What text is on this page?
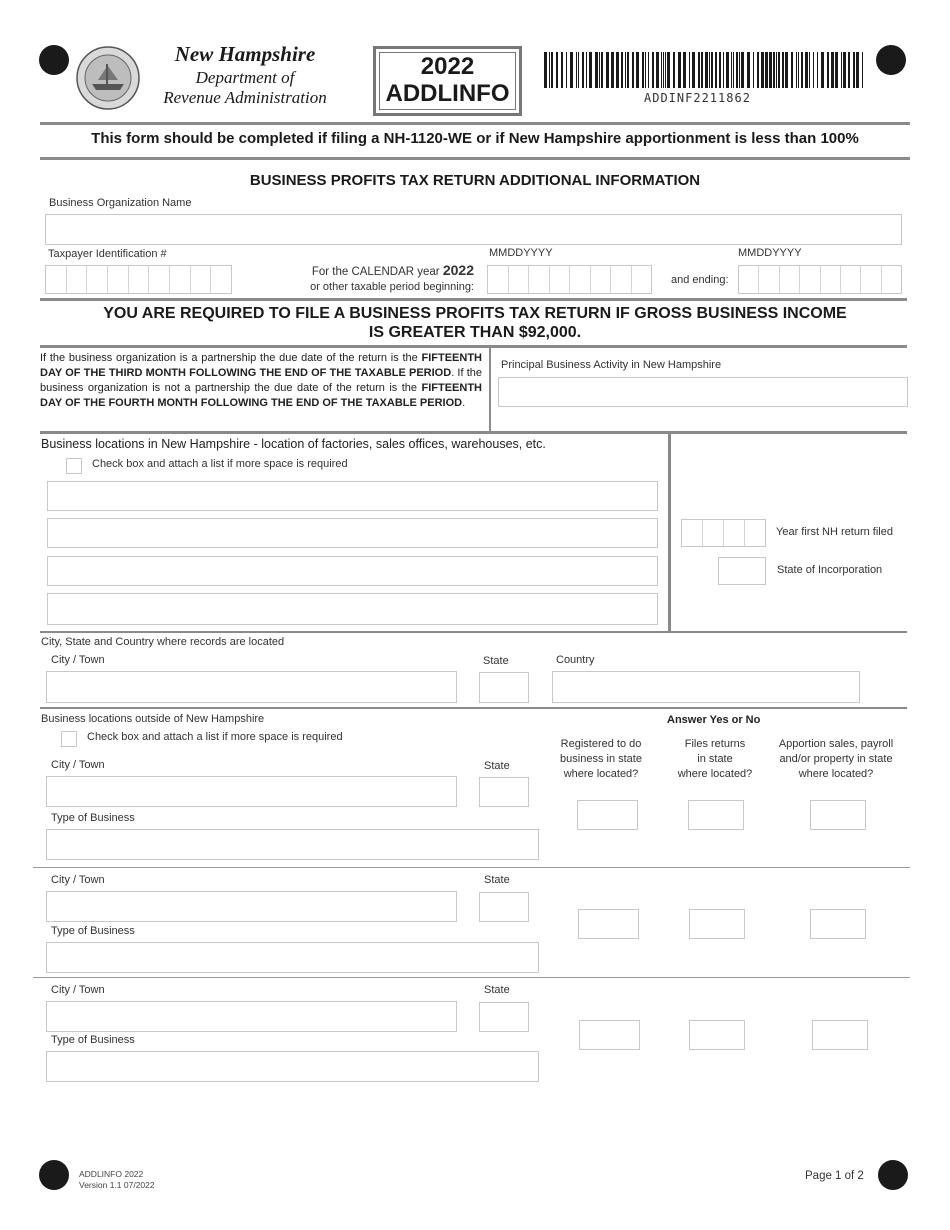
New Hampshire
Department of
Revenue Administration
2022
ADDLINFO	ADDINF2211862
This form should be completed if filing a NH-1120-WE or if New Hampshire apportionment is less than 100%
BUSINESS PROFITS TAX RETURN ADDITIONAL INFORMATION
Business Organization Name
Taxpayer Identification #
For the CALENDAR year 2022
or other taxable period beginning:
MMDDYYYY
and ending:
MMDDYYYY
YOU ARE REQUIRED TO FILE A BUSINESS PROFITS TAX RETURN IF GROSS BUSINESS INCOME
IS GREATER THAN $92,000.
If the business organization is a partnership the due date of the return is the FIFTEENTH DAY OF THE THIRD MONTH FOLLOWING THE END OF THE TAXABLE PERIOD. If the business organization is not a partnership the due date of the return is the FIFTEENTH DAY OF THE FOURTH MONTH FOLLOWING THE END OF THE TAXABLE PERIOD.
Principal Business Activity in New Hampshire
Business locations in New Hampshire - location of factories, sales offices, warehouses, etc.
Check box and attach a list if more space is required
Year first NH return filed
State of Incorporation
City, State and Country where records are located
City / Town	State	Country
Business locations outside of New Hampshire
Check box and attach a list if more space is required
Answer Yes or No
Registered to do
business in state
where located?
Files returns
in state
where located?
Apportion sales, payroll
and/or property in state
where located?
City / Town	State
Type of Business
City / Town	State
Type of Business
City / Town	State
Type of Business
ADDLINFO 2022
Version 1.1 07/2022
Page 1 of 2
